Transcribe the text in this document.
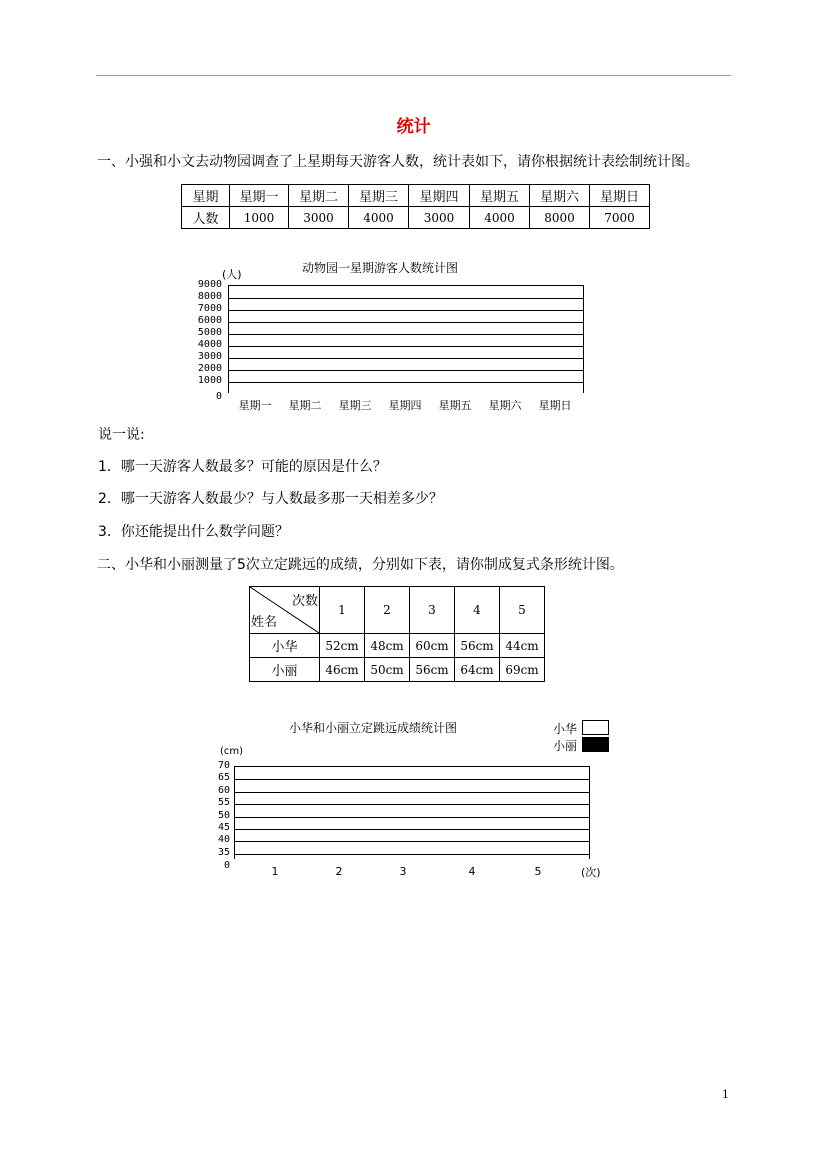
统计
一、小强和小文去动物园调查了上星期每天游客人数，统计表如下，请你根据统计表绘制统计图。
星期	星期一	星期二	星期三	星期四	星期五	星期六	星期日
人数	1000	3000	4000	3000	4000	8000	7000
动物园一星期游客人数统计图
(人)
9000
8000
7000
6000
5000
4000
3000
2000
1000
0
星期一	星期二	星期三	星期四	星期五	星期六	星期日
说一说:
1．哪一天游客人数最多？可能的原因是什么？
2．哪一天游客人数最少？与人数最多那一天相差多少？
3．你还能提出什么数学问题？
二、小华和小丽测量了5次立定跳远的成绩，分别如下表，请你制成复式条形统计图。
次数
姓名	1	2	3	4	5
小华	52cm	48cm	60cm	56cm	44cm
小丽	46cm	50cm	56cm	64cm	69cm
小华和小丽立定跳远成绩统计图	小华
小丽
(cm)
70
65
60
55
50
45
40
35
0	1	2	3	4	5	(次)
1
